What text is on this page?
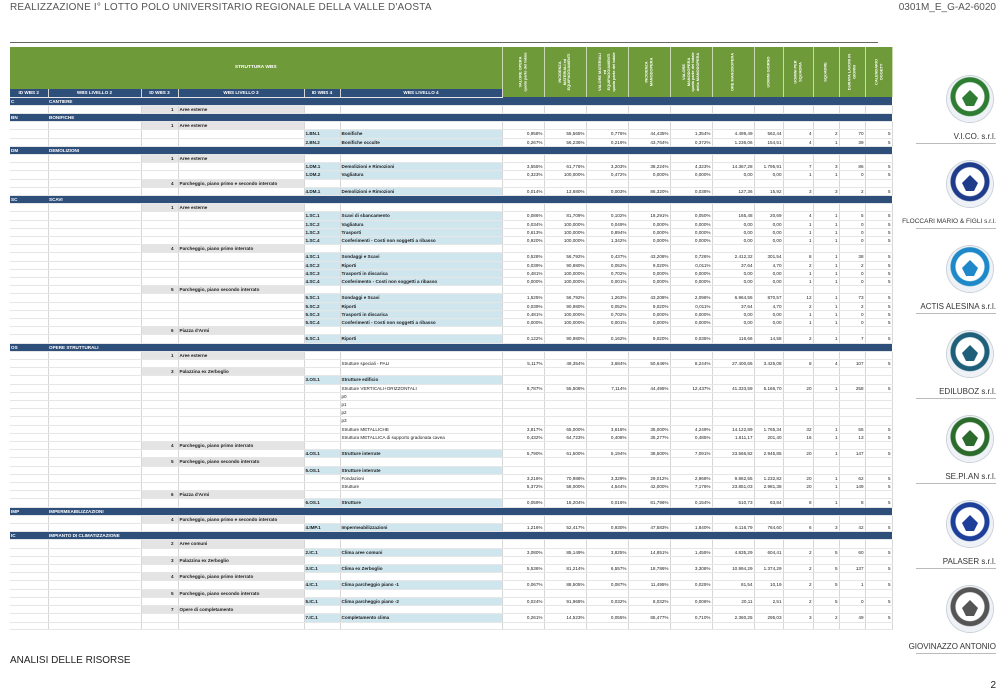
REALIZZAZIONE I° LOTTO POLO UNIVERSITARIO REGIONALE DELLA VALLE D'AOSTA	0301M_E_G-A2-6020
STRUTTURA WBS						VALORE OPERA quota parte del totale	INCIDENZA MATERIALI ed EQUIPAGGIAMENTI	VALORE MATERIALI ed EQUIPAGGIAMENTI quota parte del totale	INCIDENZA MANODOPERA	VALORE MANODOPERA quota parte del totale della MANODOPERA	ORE MANODOPERA	UOMINI GIORNO	UOMINI PER SQUADRA	SQUADRE	DURATA LAVORI IN GIORNI	CALENDARIO OGGETT

ID WBS 2	WBS LIVELLO 2	ID WBS 3	WBS LIVELLO 3	ID WBS 4	WBS LIVELLO 4											
C	CANTIERE															
		1	Aree esterne													
BN	BONIFICHE															
		1	Aree esterne													
				1.BN.1	Bonifiche	0,958%	55,565%	0,776%	44,435%	1,354%	4.499,49	562,44	4	2	70	5
				2.BN.2	Bonifiche occulte	0,267%	56,236%	0,219%	43,764%	0,372%	1.236,06	154,51	4	1	39	5
DM	DEMOLIZIONI															
		1	Aree esterne													
				1.DM.1	Demolizioni e Rimozioni	3,555%	61,776%	3,203%	38,224%	4,323%	14.367,28	1.795,91	7	3	86	5
				1.DM.2	Vagliatura	0,323%	100,000%	0,472%	0,000%	0,000%	0,00	0,00	1	1	0	5
		4	Parcheggio, piano primo e secondo interrato													
				4.DM.1	Demolizioni e Rimozioni	0,014%	13,680%	0,003%	86,320%	0,038%	127,36	15,92	3	3	2	5
SC	SCAVI															
		1	Aree esterne													
				1.SC.1	Scavi di sbancamento	0,086%	81,709%	0,102%	18,291%	0,050%	165,48	20,69	4	1	5	5
				1.SC.2	Vagliatura	0,034%	100,000%	0,049%	0,000%	0,000%	0,00	0,00	1	1	0	5
				1.SC.3	Trasporti	0,613%	100,000%	0,894%	0,000%	0,000%	0,00	0,00	1	1	0	5
				1.SC.4	Conferimenti - Costi non soggetti a ribasso	0,920%	100,000%	1,342%	0,000%	0,000%	0,00	0,00	1	1	0	5
		4	Parcheggio, piano primo interrato													
				4.SC.1	Sondaggi e Scavi	0,528%	56,792%	0,437%	43,208%	0,726%	2.412,32	301,54	8	1	38	5
				4.SC.2	Riporti	0,039%	90,980%	0,052%	9,020%	0,011%	37,64	4,70	2	1	2	5
				4.SC.3	Trasporti in discarica	0,481%	100,000%	0,702%	0,000%	0,000%	0,00	0,00	1	1	0	5
				4.SC.4	Conferimento - Costi non soggetti a ribasso	0,000%	100,000%	0,001%	0,000%	0,000%	0,00	0,00	1	1	0	5
		5	Parcheggio, piano secondo interrato													
				5.SC.1	Sondaggi e Scavi	1,525%	56,792%	1,263%	43,208%	2,096%	6.964,55	870,57	12	1	73	5
				5.SC.2	Riporti	0,039%	90,980%	0,052%	9,020%	0,011%	37,64	4,70	2	1	2	5
				5.SC.3	Trasporti in discarica	0,481%	100,000%	0,702%	0,000%	0,000%	0,00	0,00	1	1	0	5
				5.SC.4	Conferimenti - Costi non soggetti a ribasso	0,000%	100,000%	0,001%	0,000%	0,000%	0,00	0,00	1	1	0	5
		6	Piazza d'Armi													
				6.SC.1	Riporti	0,122%	90,980%	0,162%	9,020%	0,035%	116,66	14,58	2	1	7	5
OS	OPERE STRUTTURALI															
		1	Aree esterne													
					Strutture speciali - PALI	5,117%	49,354%	3,684%	50,646%	8,244%	27.400,66	3.425,08	8	4	107	5
		3	Palazzina ex Zerboglio													
				3.OS.1	Strutture edificio											
					Strutture VERTICALI+ORIZZONTALI	8,787%	55,506%	7,114%	44,495%	12,437%	41.333,59	5.166,70	20	1	258	5
					p0											
					p1											
					p2											
					p3											
					Strutture METALLICHE	3,817%	65,000%	3,618%	35,000%	4,249%	14.122,89	1.765,34	32	1	55	5
					Struttura METALLICA di supporto gradonata cavea	0,432%	64,723%	0,408%	35,277%	0,485%	1.611,17	201,40	16	1	13	5
		4	Parcheggio, piano primo interrato													
				4.OS.1	Strutture interrate	5,790%	61,500%	5,194%	38,500%	7,091%	23.566,82	2.945,85	20	1	147	5
		5	Parcheggio, piano secondo interrato													
				5.OS.1	Strutture interrate											
					Fondazioni	3,216%	70,988%	3,329%	29,012%	2,968%	9.862,55	1.232,82	20	1	62	5
					Strutture	5,372%	58,000%	4,544%	42,000%	7,176%	23.851,03	2.981,38	20	1	149	5
		6	Piazza d'Armi													
				6.OS.1	Strutture	0,059%	18,204%	0,016%	81,796%	0,154%	510,73	63,84	8	1	8	5
IMP	IMPERMEABILIZZAZIONI															
		4	Parcheggio, piano primo e secondo interrato													
				4.IMP.1	Impermeabilizzazioni	1,216%	52,417%	0,930%	47,583%	1,840%	6.116,79	764,60	6	3	42	5
IC	IMPIANTO DI CLIMATIZZAZIONE															
		2	Aree comuni													
				2.IC.1	Clima aree comuni	3,080%	85,149%	3,825%	14,851%	1,455%	4.835,29	604,41	2	5	60	5
		3	Palazzina ex Zerboglio													
				3.IC.1	Clima ex Zerboglio	5,536%	81,214%	6,557%	18,786%	3,308%	10.994,29	1.374,29	2	5	137	5
		4	Parcheggio, piano primo interrato													
				4.IC.1	Clima parcheggio piano -1	0,067%	88,505%	0,087%	11,495%	0,025%	81,54	10,19	2	5	1	5
		5	Parcheggio, piano secondo interrato													
				5.IC.1	Clima parcheggio piano -2	0,024%	91,968%	0,032%	8,032%	0,006%	20,11	2,51	2	5	0	5
		7	Opere di completamento													
				7.IC.1	Completamento clima	0,261%	14,523%	0,055%	85,477%	0,710%	2.360,25	295,03	3	2	49	5

ANALISI DELLE RISORSE
2
V.I.CO. s.r.l.
FLOCCARI MARIO & FIGLI s.r.l.
ACTIS ALESINA s.r.l.
EDILUBOZ s.r.l.
SE.PI.AN s.r.l.
PALASER s.r.l.
GIOVINAZZO ANTONIO
